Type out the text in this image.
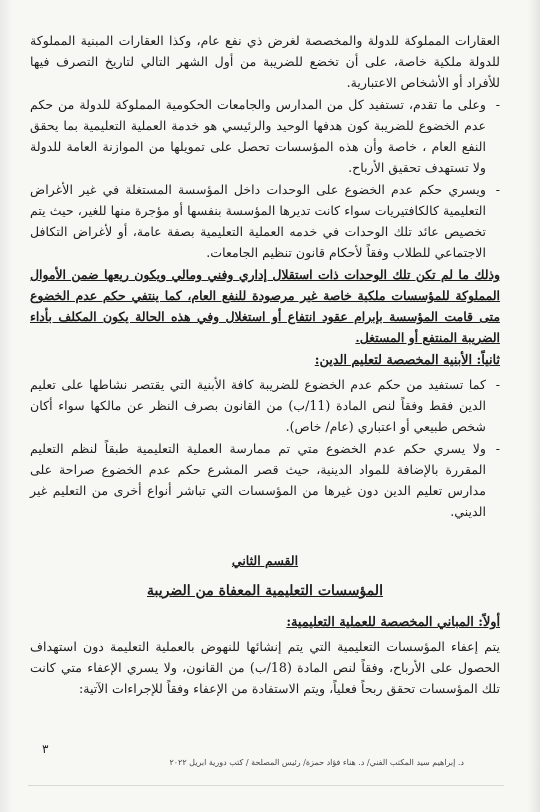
العقارات المملوكة للدولة والمخصصة لغرض ذي نفع عام، وكذا العقارات المبنية المملوكة للدولة ملكية خاصة، على أن تخضع للضريبة من أول الشهر التالي لتاريخ التصرف فيها للأفراد أو الأشخاص الاعتبارية.

- وعلى ما تقدم، تستفيد كل من المدارس والجامعات الحكومية المملوكة للدولة من حكم عدم الخضوع للضريبة كون هدفها الوحيد والرئيسي هو خدمة العملية التعليمية بما يحقق النفع العام ، خاصة وأن هذه المؤسسات تحصل على تمويلها من الموازنة العامة للدولة ولا تستهدف تحقيق الأرباح.

- ويسري حكم عدم الخضوع على الوحدات داخل المؤسسة المستغلة في غير الأغراض التعليمية كالكافتيريات سواء كانت تديرها المؤسسة بنفسها أو مؤجرة منها للغير، حيث يتم تخصيص عائد تلك الوحدات في خدمه العملية التعليمية بصفة عامة، أو لأغراض التكافل الاجتماعي للطلاب وفقاً لأحكام قانون تنظيم الجامعات.

وذلك ما لم تكن تلك الوحدات ذات استقلال إداري وفني ومالي ويكون ريعها ضمن الأموال المملوكة للمؤسسات ملكية خاصة غير مرصودة للنفع العام، كما ينتفي حكم عدم الخضوع متى قامت المؤسسة بإبرام عقود انتفاع أو استغلال وفي هذه الحالة يكون المكلف بأداء الضريبة المنتفع أو المستغل.

ثانياً: الأبنية المخصصة لتعليم الدين:

- كما تستفيد من حكم عدم الخضوع للضريبة كافة الأبنية التي يقتصر نشاطها على تعليم الدين فقط وفقاً لنص المادة (11/ب) من القانون بصرف النظر عن مالكها سواء أكان شخص طبيعي أو اعتباري (عام/ خاص).

- ولا يسري حكم عدم الخضوع متي تم ممارسة العملية التعليمية طبقاً لنظم التعليم المقررة بالإضافة للمواد الدينية، حيث قصر المشرع حكم عدم الخضوع صراحة على مدارس تعليم الدين دون غيرها من المؤسسات التي تباشر أنواع أخرى من التعليم غير الديني.

القسم الثاني

المؤسسات التعليمية المعفاة من الضريبة

أولاً: المباني المخصصة للعملية التعليمية:

يتم إعفاء المؤسسات التعليمية التي يتم إنشائها للنهوض بالعملية التعليمة دون استهداف الحصول على الأرباح، وفقاً لنص المادة (18/ب) من القانون، ولا يسري الإعفاء متي كانت تلك المؤسسات تحقق ربحاً فعلياً، ويتم الاستفادة من الإعفاء وفقاً للإجراءات الآتية:

٣
د. إبراهيم سيد المكتب الفني/ د. هناء فؤاد حمزة/ رئيس المصلحة / كتب دورية ابريل ٢٠٢٢
